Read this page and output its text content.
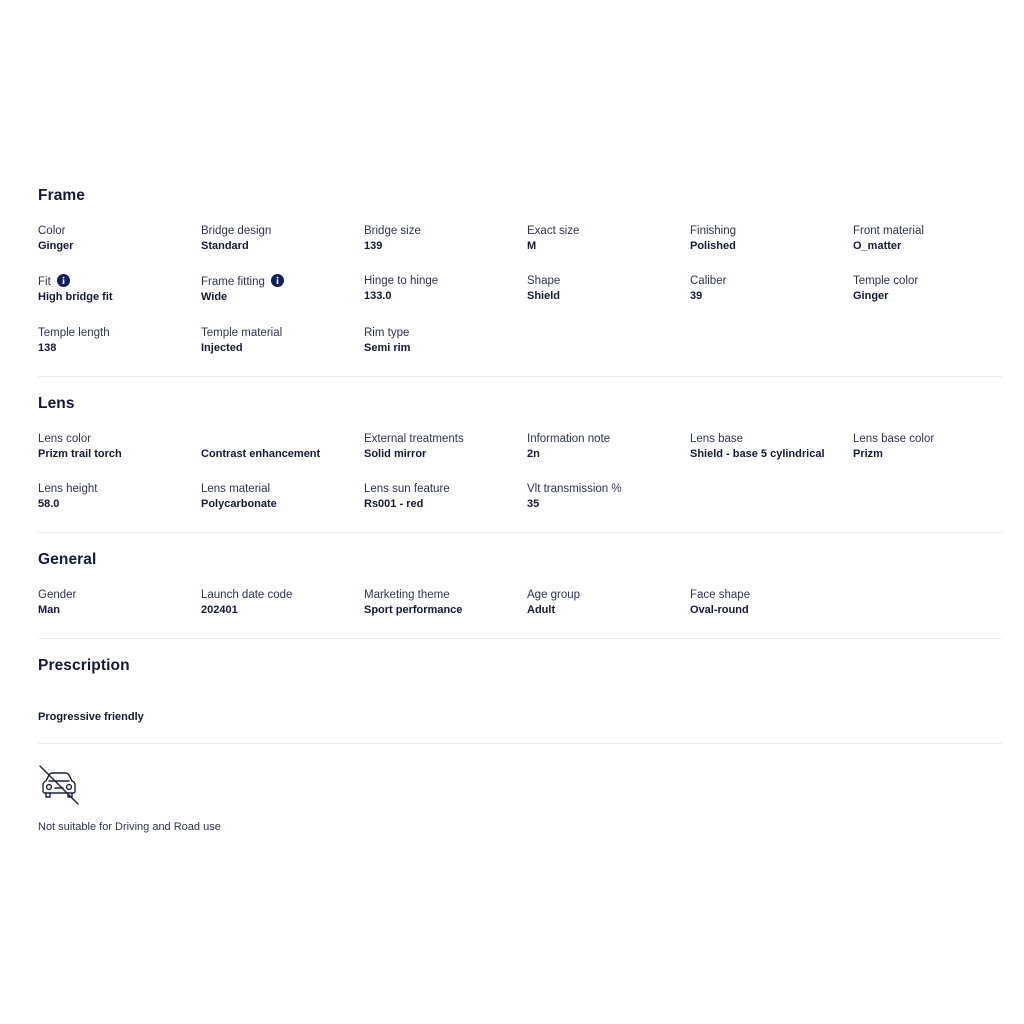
Frame
Color
Ginger
Bridge design
Standard
Bridge size
139
Exact size
M
Finishing
Polished
Front material
O_matter
Fit
High bridge fit
Frame fitting
Wide
Hinge to hinge
133.0
Shape
Shield
Caliber
39
Temple color
Ginger
Temple length
138
Temple material
Injected
Rim type
Semi rim
Lens
Lens color
Prizm trail torch
	Contrast enhancement
External treatments
Solid mirror
Information note
2n
Lens base
Shield - base 5 cylindrical
Lens base color
Prizm
Lens height
58.0
Lens material
Polycarbonate
Lens sun feature
Rs001 - red
Vlt transmission %
35
General
Gender
Man
Launch date code
202401
Marketing theme
Sport performance
Age group
Adult
Face shape
Oval-round
Prescription
Progressive friendly
Not suitable for Driving and Road use
